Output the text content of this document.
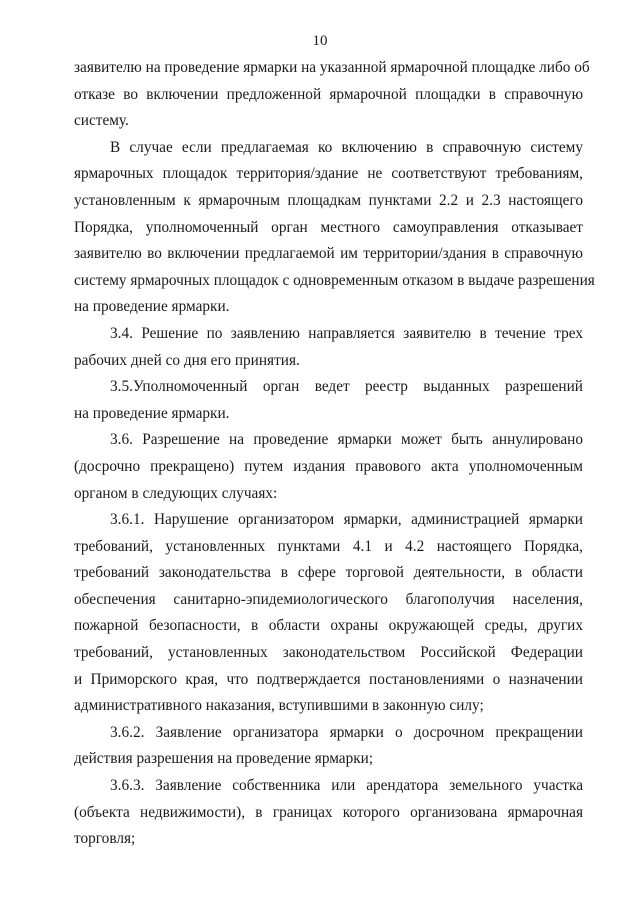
10
заявителю на проведение ярмарки на указанной ярмарочной площадке либо об
отказе во включении предложенной ярмарочной площадки в справочную
систему.
В случае если предлагаемая ко включению в справочную систему
ярмарочных площадок территория/здание не соответствуют требованиям,
установленным к ярмарочным площадкам пунктами 2.2 и 2.3 настоящего
Порядка, уполномоченный орган местного самоуправления отказывает
заявителю во включении предлагаемой им территории/здания в справочную
систему ярмарочных площадок с одновременным отказом в выдаче разрешения
на проведение ярмарки.
3.4. Решение по заявлению направляется заявителю в течение трех
рабочих дней со дня его принятия.
3.5.Уполномоченный орган ведет реестр выданных разрешений
на проведение ярмарки.
3.6. Разрешение на проведение ярмарки может быть аннулировано
(досрочно прекращено) путем издания правового акта уполномоченным
органом в следующих случаях:
3.6.1. Нарушение организатором ярмарки, администрацией ярмарки
требований, установленных пунктами 4.1 и 4.2 настоящего Порядка,
требований законодательства в сфере торговой деятельности, в области
обеспечения санитарно-эпидемиологического благополучия населения,
пожарной безопасности, в области охраны окружающей среды, других
требований, установленных законодательством Российской Федерации
и Приморского края, что подтверждается постановлениями о назначении
административного наказания, вступившими в законную силу;
3.6.2. Заявление организатора ярмарки о досрочном прекращении
действия разрешения на проведение ярмарки;
3.6.3. Заявление собственника или арендатора земельного участка
(объекта недвижимости), в границах которого организована ярмарочная
торговля;
